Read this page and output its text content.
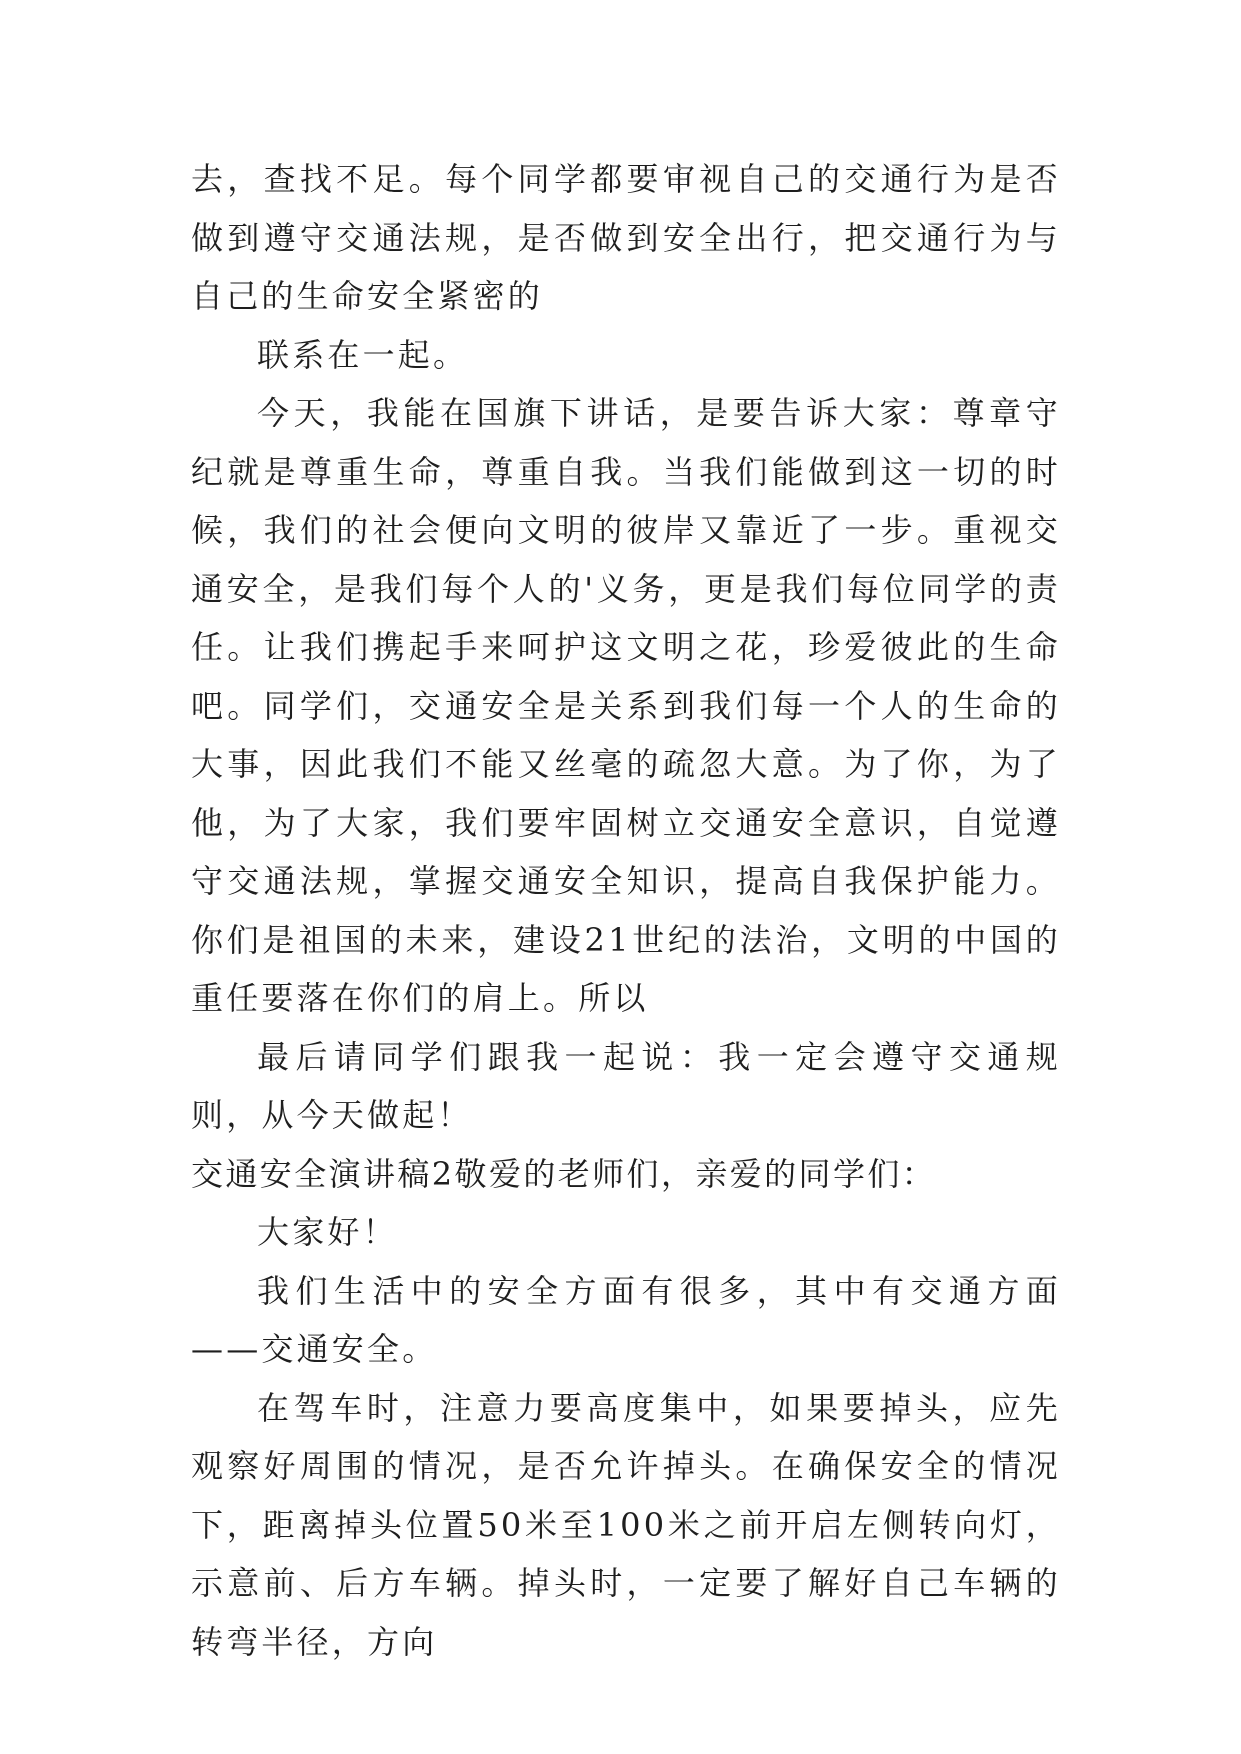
去，查找不足。每个同学都要审视自己的交通行为是否做到遵守交通法规，是否做到安全出行，把交通行为与自己的生命安全紧密的

联系在一起。

今天，我能在国旗下讲话，是要告诉大家：尊章守纪就是尊重生命，尊重自我。当我们能做到这一切的时候，我们的社会便向文明的彼岸又靠近了一步。重视交通安全，是我们每个人的'义务，更是我们每位同学的责任。让我们携起手来呵护这文明之花，珍爱彼此的生命吧。同学们，交通安全是关系到我们每一个人的生命的大事，因此我们不能又丝毫的疏忽大意。为了你，为了他，为了大家，我们要牢固树立交通安全意识，自觉遵守交通法规，掌握交通安全知识，提高自我保护能力。你们是祖国的未来，建设21世纪的法治，文明的中国的重任要落在你们的肩上。所以

最后请同学们跟我一起说：我一定会遵守交通规则，从今天做起！

交通安全演讲稿2敬爱的老师们，亲爱的同学们：

大家好！

我们生活中的安全方面有很多，其中有交通方面——交通安全。

在驾车时，注意力要高度集中，如果要掉头，应先观察好周围的情况，是否允许掉头。在确保安全的情况下，距离掉头位置50米至100米之前开启左侧转向灯，示意前、后方车辆。掉头时，一定要了解好自己车辆的转弯半径，方向
